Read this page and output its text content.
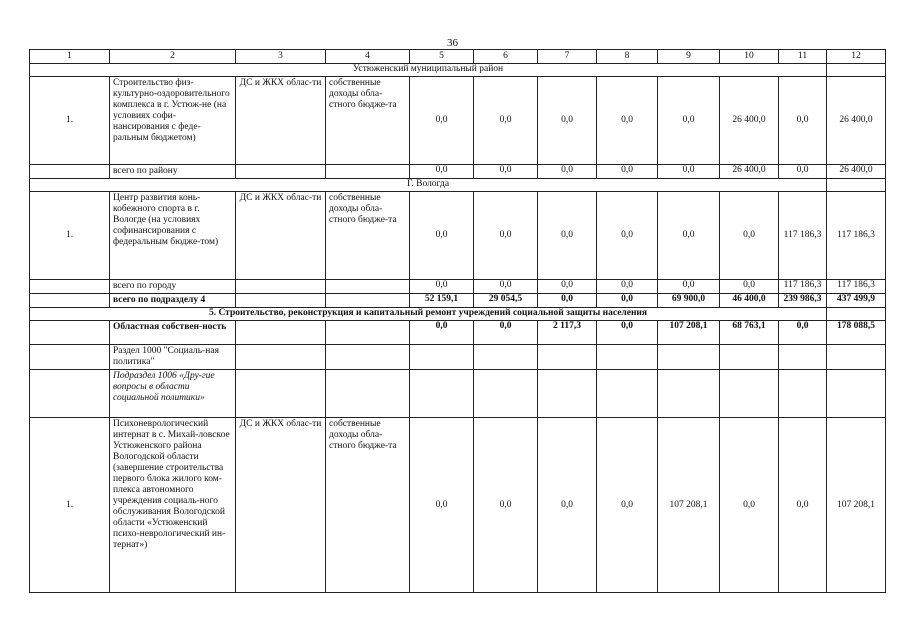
36
1	2	3	4	5	6	7	8	9	10	11	12
Устюженский муниципальный район											
1.	Строительство физ-культурно-оздоровительного комплекса в г. Устюж-не (на условиях софи-нансирования с феде-ральным бюджетом)	ДС и ЖКХ облас-ти	собственные доходы обла-стного бюдже-та	0,0	0,0	0,0	0,0	0,0	26 400,0	0,0	26 400,0
	всего по району			0,0	0,0	0,0	0,0	0,0	26 400,0	0,0	26 400,0
Г. Вологда											
1.	Центр развития конь-кобежного спорта в г. Вологде (на условиях софинансирования с федеральным бюдже-том)	ДС и ЖКХ облас-ти	собственные доходы обла-стного бюдже-та	0,0	0,0	0,0	0,0	0,0	0,0	117 186,3	117 186,3
	всего по городу			0,0	0,0	0,0	0,0	0,0	0,0	117 186,3	117 186,3
	всего по подразделу 4			52 159,1	29 054,5	0,0	0,0	69 900,0	46 400,0	239 986,3	437 499,9
5. Строительство, реконструкция и капитальный ремонт учреждений социальной защиты населения											
	Областная собствен-ность			0,0	0,0	2 117,3	0,0	107 208,1	68 763,1	0,0	178 088,5
	Раздел 1000 "Социаль-ная политика"										
	Подраздел 1006 «Дру-гие вопросы в области социальной политики»										
1.	Психоневрологический интернат в с. Михай-ловское Устюженского района Вологодской области (завершение строительства первого блока жилого ком-плекса автономного учреждения социаль-ного обслуживания Вологодской области «Устюженский психо-неврологический ин-тернат»)	ДС и ЖКХ облас-ти	собственные доходы обла-стного бюдже-та	0,0	0,0	0,0	0,0	107 208,1	0,0	0,0	107 208,1
